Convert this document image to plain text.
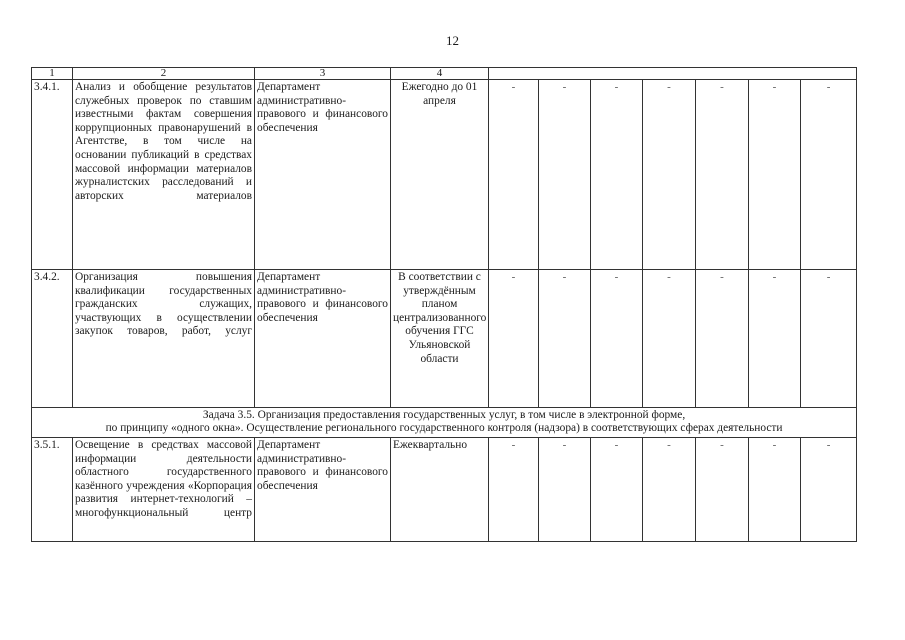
12
1	2	3	4							
3.4.1.	Анализ и обобщение результатов служебных проверок по ставшим известными фактам совершения коррупционных правонарушений в Агентстве, в том числе на основании публикаций в средствах массовой информации материалов журналистских расследований и авторских материалов	Департамент административно-правового и финансового обеспечения	Ежегодно до 01 апреля	-	-	-	-	-	-	-
3.4.2.	Организация повышения квалификации государственных гражданских служащих, участвующих в осуществлении закупок товаров, работ, услуг	Департамент административно-правового и финансового обеспечения	В соответствии с утверждённым планом централизованного обучения ГГС Ульяновской области	-	-	-	-	-	-	-

Задача 3.5. Организация предоставления государственных услуг, в том числе в электронной форме,
по принципу «одного окна». Осуществление регионального государственного контроля (надзора) в соответствующих сферах деятельности										

3.5.1.	Освещение в средствах массовой информации деятельности областного государственного казённого учреждения «Корпорация развития интернет-технологий – многофункциональный центр	Департамент административно-правового и финансового обеспечения	Ежеквартально	-	-	-	-	-	-	-
